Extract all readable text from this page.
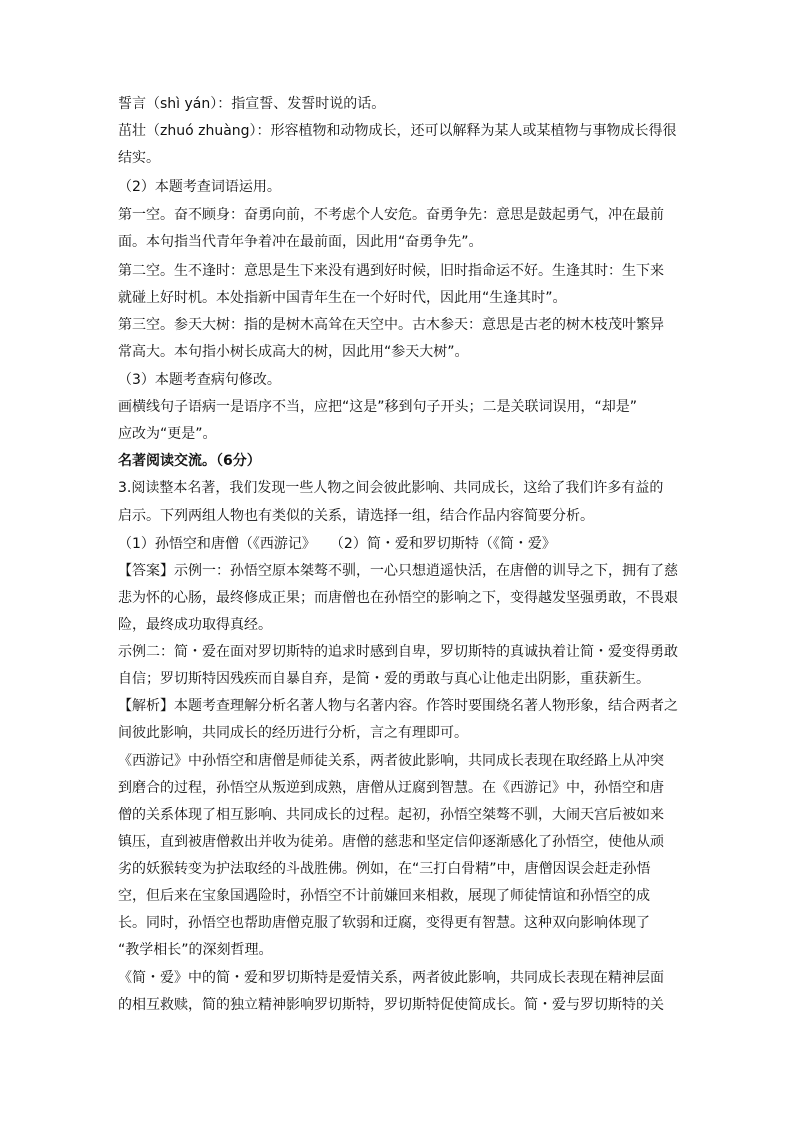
誓言（shì yán）：指宣誓、发誓时说的话。
茁壮（zhuó zhuàng）：形容植物和动物成长，还可以解释为某人或某植物与事物成长得很
结实。
（2）本题考查词语运用。
第一空。奋不顾身：奋勇向前，不考虑个人安危。奋勇争先：意思是鼓起勇气，冲在最前
面。本句指当代青年争着冲在最前面，因此用“奋勇争先”。
第二空。生不逢时：意思是生下来没有遇到好时候，旧时指命运不好。生逢其时：生下来
就碰上好时机。本处指新中国青年生在一个好时代，因此用“生逢其时”。
第三空。参天大树：指的是树木高耸在天空中。古木参天：意思是古老的树木枝茂叶繁异
常高大。本句指小树长成高大的树，因此用“参天大树”。
（3）本题考查病句修改。
画横线句子语病一是语序不当，应把“这是”移到句子开头；二是关联词误用，“却是”
应改为“更是”。
名著阅读交流。（6分）
3.阅读整本名著，我们发现一些人物之间会彼此影响、共同成长，这给了我们许多有益的
启示。下列两组人物也有类似的关系，请选择一组，结合作品内容简要分析。
（1）孙悟空和唐僧（《西游记》　　（2）简・爱和罗切斯特（《简・爱》
【答案】示例一：孙悟空原本桀骜不驯，一心只想逍遥快活，在唐僧的训导之下，拥有了慈
悲为怀的心肠，最终修成正果；而唐僧也在孙悟空的影响之下，变得越发坚强勇敢，不畏艰
险，最终成功取得真经。
示例二：简・爱在面对罗切斯特的追求时感到自卑，罗切斯特的真诚执着让简・爱变得勇敢
自信；罗切斯特因残疾而自暴自弃，是简・爱的勇敢与真心让他走出阴影，重获新生。
【解析】本题考查理解分析名著人物与名著内容。作答时要围绕名著人物形象，结合两者之
间彼此影响，共同成长的经历进行分析，言之有理即可。
《西游记》中孙悟空和唐僧是师徒关系，两者彼此影响，共同成长表现在取经路上从冲突
到磨合的过程，孙悟空从叛逆到成熟，唐僧从迂腐到智慧。在《西游记》中，孙悟空和唐
僧的关系体现了相互影响、共同成长的过程。起初，孙悟空桀骜不驯，大闹天宫后被如来
镇压，直到被唐僧救出并收为徒弟。唐僧的慈悲和坚定信仰逐渐感化了孙悟空，使他从顽
劣的妖猴转变为护法取经的斗战胜佛。例如，在“三打白骨精”中，唐僧因误会赶走孙悟
空，但后来在宝象国遇险时，孙悟空不计前嫌回来相救，展现了师徒情谊和孙悟空的成
长。同时，孙悟空也帮助唐僧克服了软弱和迂腐，变得更有智慧。这种双向影响体现了
“教学相长”的深刻哲理。
《简・爱》中的简・爱和罗切斯特是爱情关系，两者彼此影响，共同成长表现在精神层面
的相互救赎，简的独立精神影响罗切斯特，罗切斯特促使简成长。简・爱与罗切斯特的关
